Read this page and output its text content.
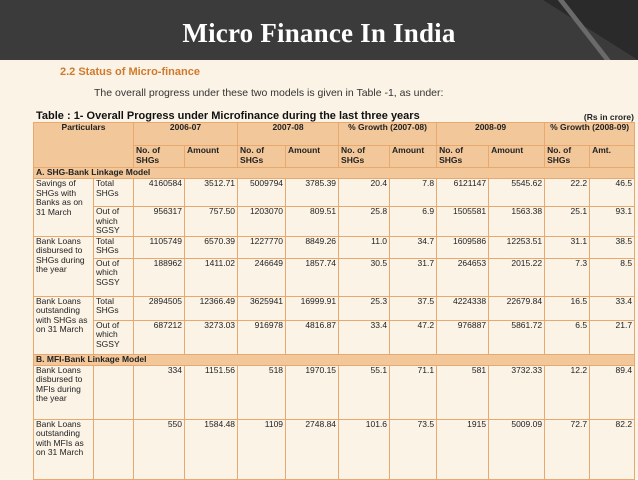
Micro Finance In India
2.2 Status of Micro-finance
The overall progress under these two models is given in Table -1, as under:
Table : 1- Overall Progress under Microfinance during the last three years	(Rs in crore)
Particulars		2006-07		2007-08		% Growth (2007-08)		2008-09		% Growth (2008-09)	
		No. of SHGs	Amount	No. of SHGs	Amount	No. of SHGs	Amount	No. of SHGs	Amount	No. of SHGs	Amt.
A. SHG-Bank Linkage Model											
Savings of SHGs with Banks as on 31 March	Total SHGs	4160584	3512.71	5009794	3785.39	20.4	7.8	6121147	5545.62	22.2	46.5
	Out of which SGSY	956317	757.50	1203070	809.51	25.8	6.9	1505581	1563.38	25.1	93.1
Bank Loans disbursed to SHGs during the year	Total SHGs	1105749	6570.39	1227770	8849.26	11.0	34.7	1609586	12253.51	31.1	38.5
	Out of which SGSY	188962	1411.02	246649	1857.74	30.5	31.7	264653	2015.22	7.3	8.5
Bank Loans outstanding with SHGs as on 31 March	Total SHGs	2894505	12366.49	3625941	16999.91	25.3	37.5	4224338	22679.84	16.5	33.4
	Out of which SGSY	687212	3273.03	916978	4816.87	33.4	47.2	976887	5861.72	6.5	21.7
B. MFI-Bank Linkage Model											
Bank Loans disbursed to MFIs during the year		334	1151.56	518	1970.15	55.1	71.1	581	3732.33	12.2	89.4
Bank Loans outstanding with MFIs as on 31 March		550	1584.48	1109	2748.84	101.6	73.5	1915	5009.09	72.7	82.2
